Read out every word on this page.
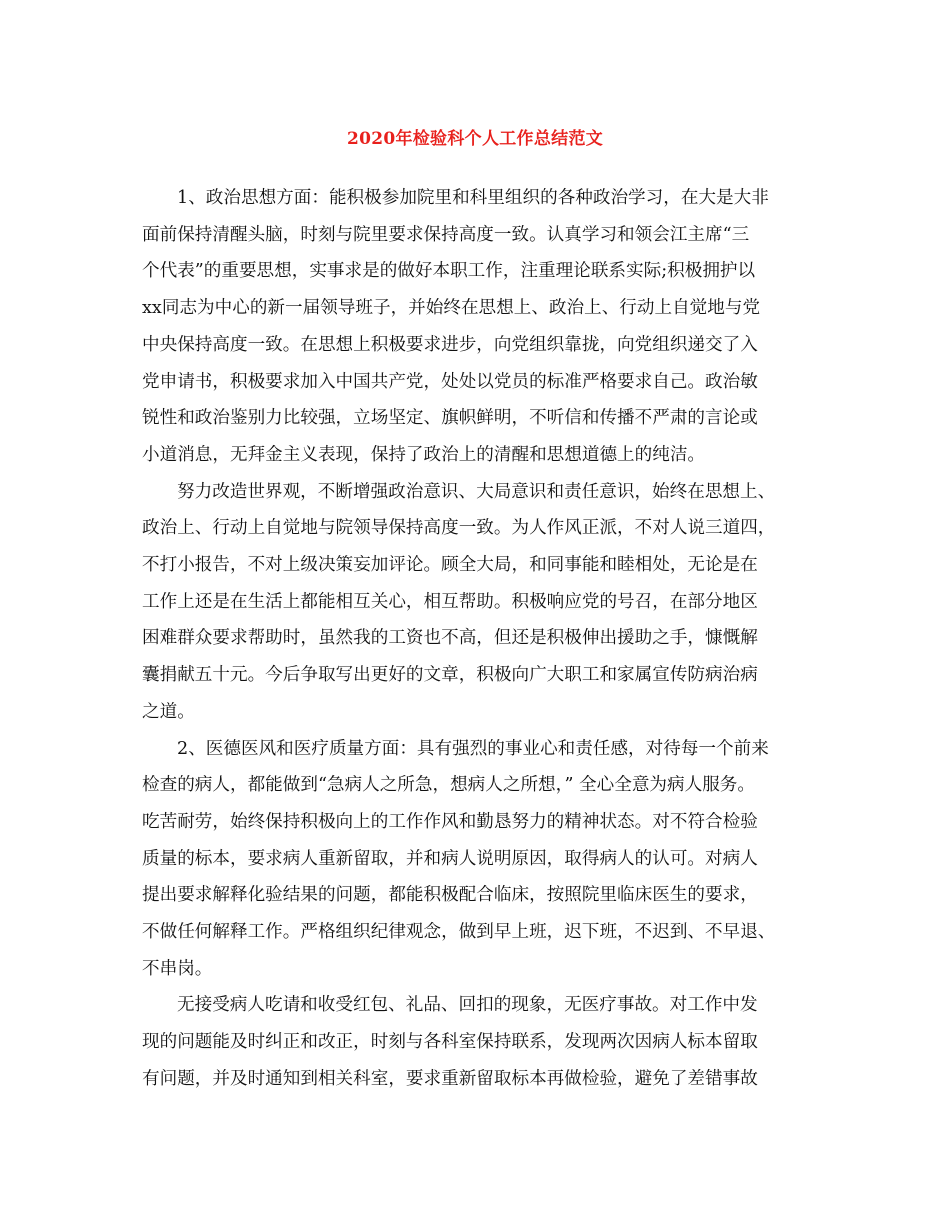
2020年检验科个人工作总结范文
1、政治思想方面：能积极参加院里和科里组织的各种政治学习，在大是大非
面前保持清醒头脑，时刻与院里要求保持高度一致。认真学习和领会江主席“三
个代表”的重要思想，实事求是的做好本职工作，注重理论联系实际;积极拥护以
xx同志为中心的新一届领导班子，并始终在思想上、政治上、行动上自觉地与党
中央保持高度一致。在思想上积极要求进步，向党组织靠拢，向党组织递交了入
党申请书，积极要求加入中国共产党，处处以党员的标准严格要求自己。政治敏
锐性和政治鉴别力比较强，立场坚定、旗帜鲜明，不听信和传播不严肃的言论或
小道消息，无拜金主义表现，保持了政治上的清醒和思想道德上的纯洁。
努力改造世界观，不断增强政治意识、大局意识和责任意识，始终在思想上、
政治上、行动上自觉地与院领导保持高度一致。为人作风正派，不对人说三道四，
不打小报告，不对上级决策妄加评论。顾全大局，和同事能和睦相处，无论是在
工作上还是在生活上都能相互关心，相互帮助。积极响应党的号召，在部分地区
困难群众要求帮助时，虽然我的工资也不高，但还是积极伸出援助之手，慷慨解
囊捐献五十元。今后争取写出更好的文章，积极向广大职工和家属宣传防病治病
之道。
2、医德医风和医疗质量方面：具有强烈的事业心和责任感，对待每一个前来
检查的病人，都能做到“急病人之所急，想病人之所想，” 全心全意为病人服务。
吃苦耐劳，始终保持积极向上的工作作风和勤恳努力的精神状态。对不符合检验
质量的标本，要求病人重新留取，并和病人说明原因，取得病人的认可。对病人
提出要求解释化验结果的问题，都能积极配合临床，按照院里临床医生的要求，
不做任何解释工作。严格组织纪律观念，做到早上班，迟下班，不迟到、不早退、
不串岗。
无接受病人吃请和收受红包、礼品、回扣的现象，无医疗事故。对工作中发
现的问题能及时纠正和改正，时刻与各科室保持联系，发现两次因病人标本留取
有问题，并及时通知到相关科室，要求重新留取标本再做检验，避免了差错事故
